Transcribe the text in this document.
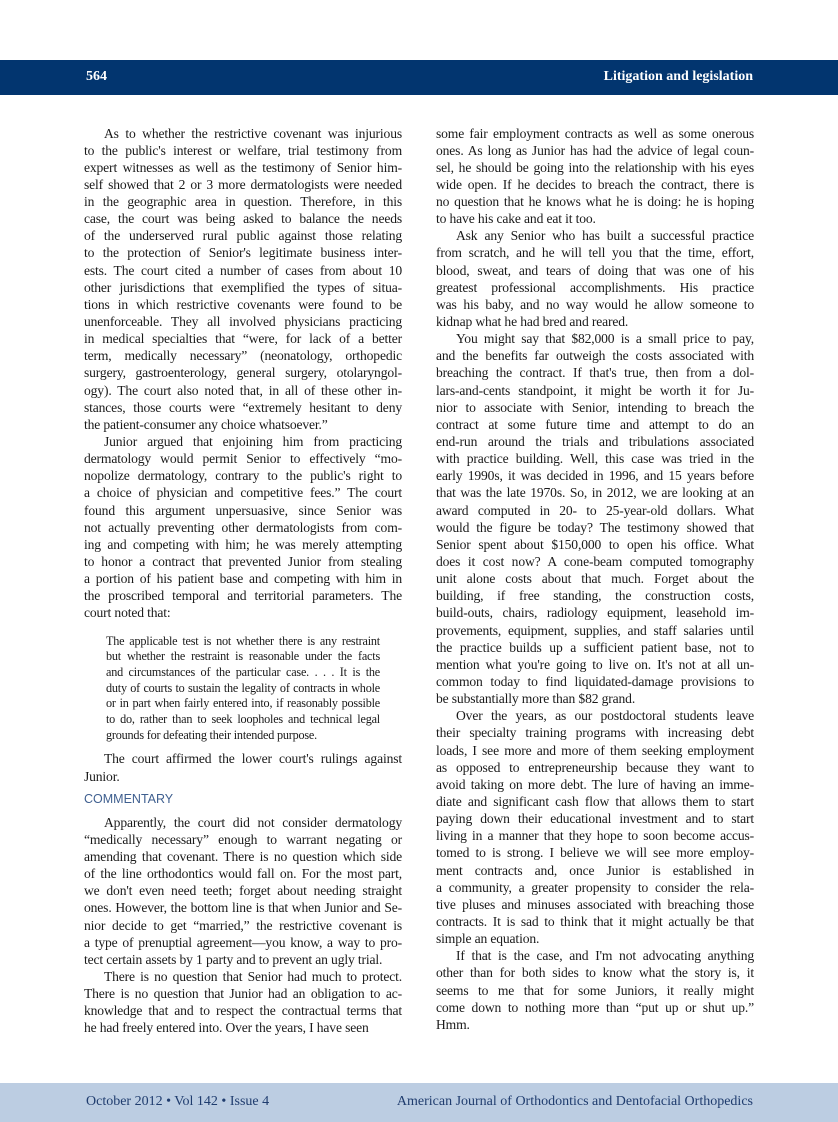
564	Litigation and legislation
As to whether the restrictive covenant was injurious
to the public's interest or welfare, trial testimony from
expert witnesses as well as the testimony of Senior him-
self showed that 2 or 3 more dermatologists were needed
in the geographic area in question. Therefore, in this
case, the court was being asked to balance the needs
of the underserved rural public against those relating
to the protection of Senior's legitimate business inter-
ests. The court cited a number of cases from about 10
other jurisdictions that exemplified the types of situa-
tions in which restrictive covenants were found to be
unenforceable. They all involved physicians practicing
in medical specialties that “were, for lack of a better
term, medically necessary” (neonatology, orthopedic
surgery, gastroenterology, general surgery, otolaryngol-
ogy). The court also noted that, in all of these other in-
stances, those courts were “extremely hesitant to deny
the patient-consumer any choice whatsoever.”
Junior argued that enjoining him from practicing
dermatology would permit Senior to effectively “mo-
nopolize dermatology, contrary to the public's right to
a choice of physician and competitive fees.” The court
found this argument unpersuasive, since Senior was
not actually preventing other dermatologists from com-
ing and competing with him; he was merely attempting
to honor a contract that prevented Junior from stealing
a portion of his patient base and competing with him in
the proscribed temporal and territorial parameters. The
court noted that:
The applicable test is not whether there is any restraint
but whether the restraint is reasonable under the facts
and circumstances of the particular case. . . . It is the
duty of courts to sustain the legality of contracts in whole
or in part when fairly entered into, if reasonably possible
to do, rather than to seek loopholes and technical legal
grounds for defeating their intended purpose.
The court affirmed the lower court's rulings against
Junior.
COMMENTARY
Apparently, the court did not consider dermatology
“medically necessary” enough to warrant negating or
amending that covenant. There is no question which side
of the line orthodontics would fall on. For the most part,
we don't even need teeth; forget about needing straight
ones. However, the bottom line is that when Junior and Se-
nior decide to get “married,” the restrictive covenant is
a type of prenuptial agreement—you know, a way to pro-
tect certain assets by 1 party and to prevent an ugly trial.
There is no question that Senior had much to protect.
There is no question that Junior had an obligation to ac-
knowledge that and to respect the contractual terms that
he had freely entered into. Over the years, I have seen
some fair employment contracts as well as some onerous
ones. As long as Junior has had the advice of legal coun-
sel, he should be going into the relationship with his eyes
wide open. If he decides to breach the contract, there is
no question that he knows what he is doing: he is hoping
to have his cake and eat it too.
Ask any Senior who has built a successful practice
from scratch, and he will tell you that the time, effort,
blood, sweat, and tears of doing that was one of his
greatest professional accomplishments. His practice
was his baby, and no way would he allow someone to
kidnap what he had bred and reared.
You might say that $82,000 is a small price to pay,
and the benefits far outweigh the costs associated with
breaching the contract. If that's true, then from a dol-
lars-and-cents standpoint, it might be worth it for Ju-
nior to associate with Senior, intending to breach the
contract at some future time and attempt to do an
end-run around the trials and tribulations associated
with practice building. Well, this case was tried in the
early 1990s, it was decided in 1996, and 15 years before
that was the late 1970s. So, in 2012, we are looking at an
award computed in 20- to 25-year-old dollars. What
would the figure be today? The testimony showed that
Senior spent about $150,000 to open his office. What
does it cost now? A cone-beam computed tomography
unit alone costs about that much. Forget about the
building, if free standing, the construction costs,
build-outs, chairs, radiology equipment, leasehold im-
provements, equipment, supplies, and staff salaries until
the practice builds up a sufficient patient base, not to
mention what you're going to live on. It's not at all un-
common today to find liquidated-damage provisions to
be substantially more than $82 grand.
Over the years, as our postdoctoral students leave
their specialty training programs with increasing debt
loads, I see more and more of them seeking employment
as opposed to entrepreneurship because they want to
avoid taking on more debt. The lure of having an imme-
diate and significant cash flow that allows them to start
paying down their educational investment and to start
living in a manner that they hope to soon become accus-
tomed to is strong. I believe we will see more employ-
ment contracts and, once Junior is established in
a community, a greater propensity to consider the rela-
tive pluses and minuses associated with breaching those
contracts. It is sad to think that it might actually be that
simple an equation.
If that is the case, and I'm not advocating anything
other than for both sides to know what the story is, it
seems to me that for some Juniors, it really might
come down to nothing more than “put up or shut up.”
Hmm.
October 2012 • Vol 142 • Issue 4	American Journal of Orthodontics and Dentofacial Orthopedics
